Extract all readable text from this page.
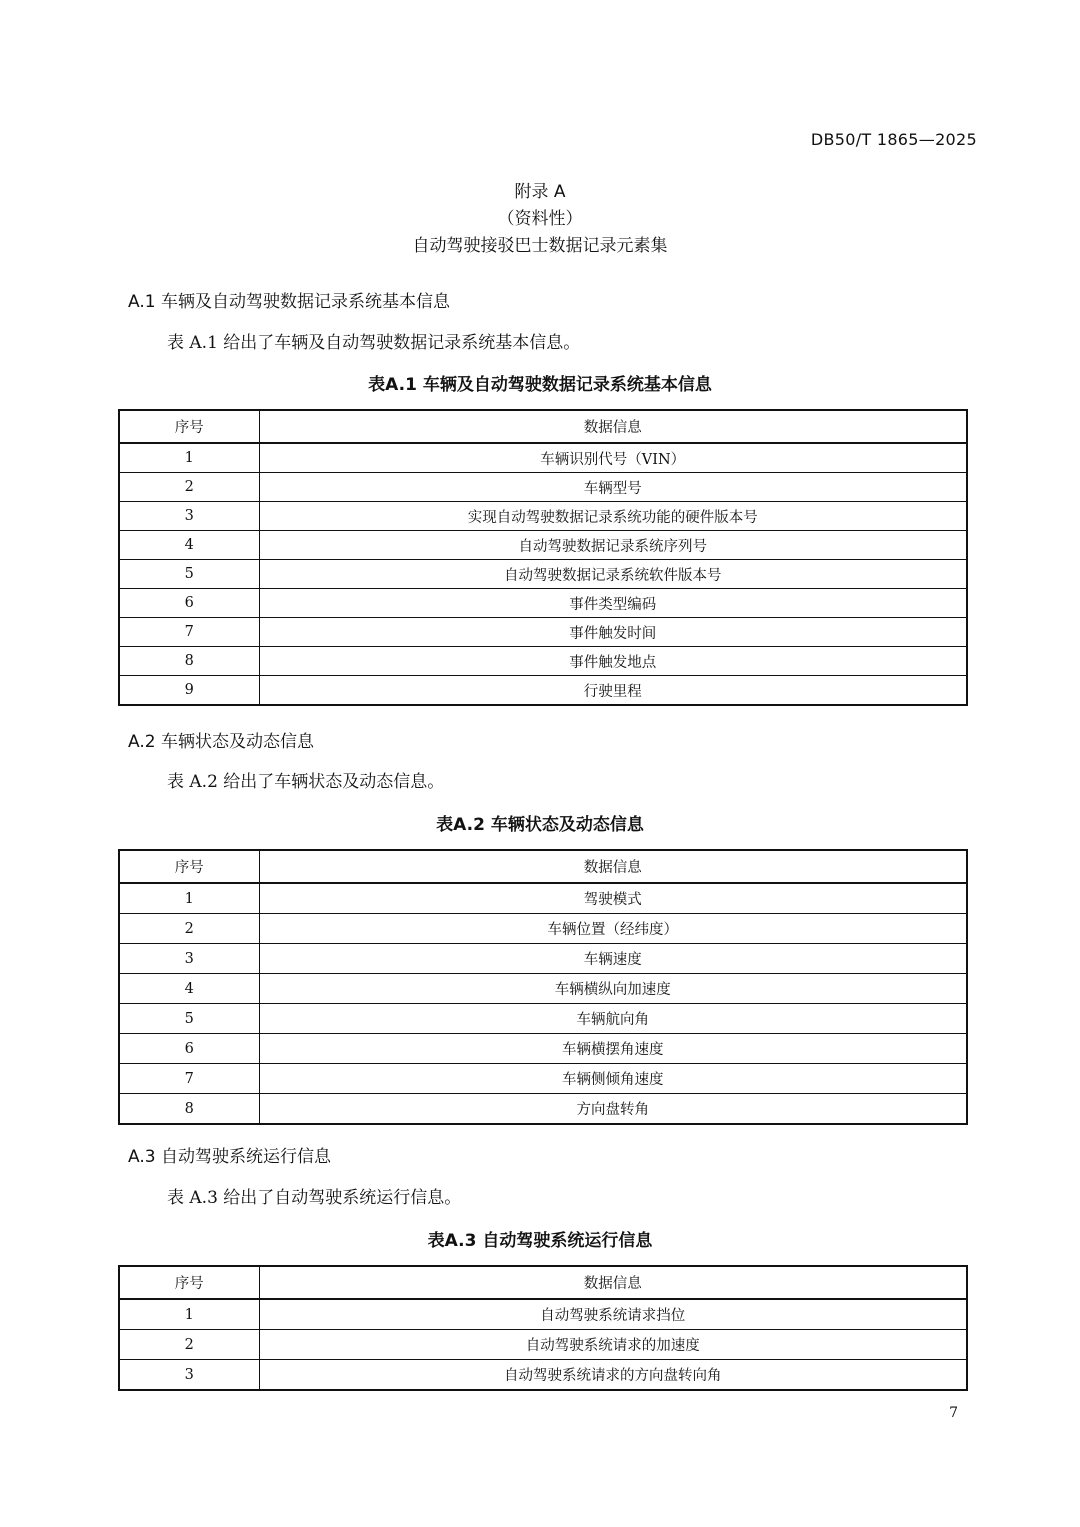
DB50/T 1865—2025
附录 A
（资料性）
自动驾驶接驳巴士数据记录元素集
A.1 车辆及自动驾驶数据记录系统基本信息
表 A.1 给出了车辆及自动驾驶数据记录系统基本信息。
表A.1 车辆及自动驾驶数据记录系统基本信息
序号	数据信息
1	车辆识别代号（VIN）
2	车辆型号
3	实现自动驾驶数据记录系统功能的硬件版本号
4	自动驾驶数据记录系统序列号
5	自动驾驶数据记录系统软件版本号
6	事件类型编码
7	事件触发时间
8	事件触发地点
9	行驶里程
A.2 车辆状态及动态信息
表 A.2 给出了车辆状态及动态信息。
表A.2 车辆状态及动态信息
序号	数据信息
1	驾驶模式
2	车辆位置（经纬度）
3	车辆速度
4	车辆横纵向加速度
5	车辆航向角
6	车辆横摆角速度
7	车辆侧倾角速度
8	方向盘转角
A.3 自动驾驶系统运行信息
表 A.3 给出了自动驾驶系统运行信息。
表A.3 自动驾驶系统运行信息
序号	数据信息
1	自动驾驶系统请求挡位
2	自动驾驶系统请求的加速度
3	自动驾驶系统请求的方向盘转向角
7
